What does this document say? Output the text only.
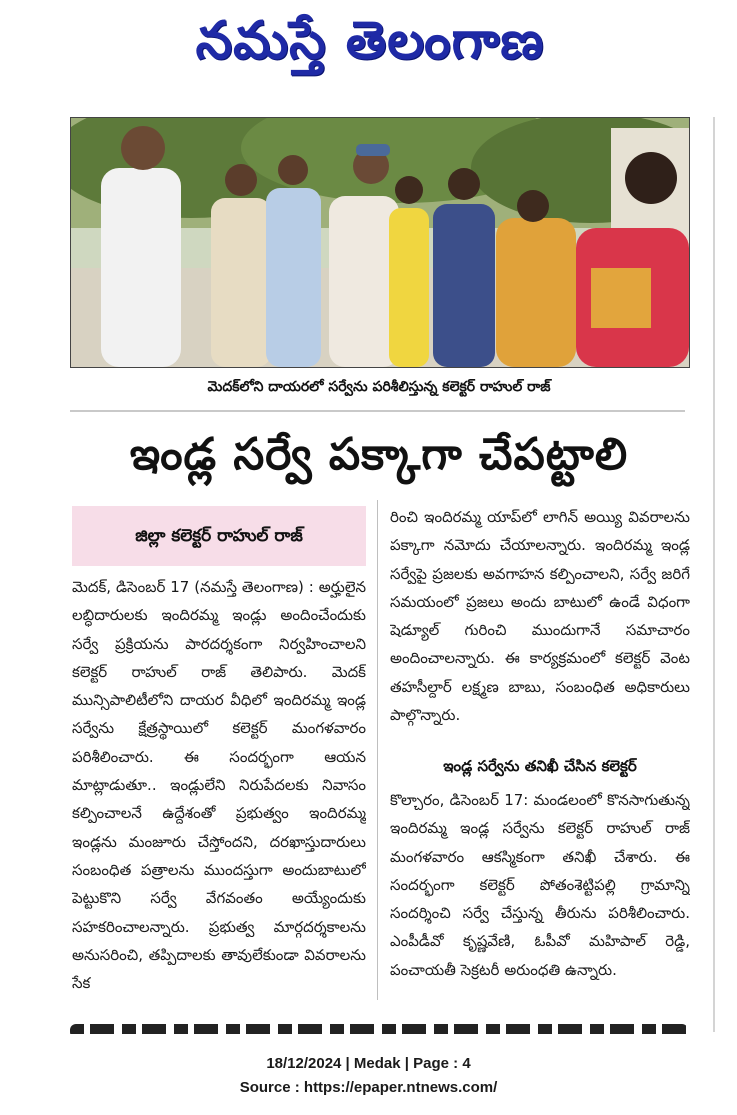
నమస్తే తెలంగాణ
మెదక్‌లోని దాయరలో సర్వేను పరిశీలిస్తున్న కలెక్టర్ రాహుల్ రాజ్
ఇండ్ల సర్వే పక్కాగా చేపట్టాలి
జిల్లా కలెక్టర్ రాహుల్ రాజ్
మెదక్, డిసెంబర్ 17 (నమస్తే తెలంగాణ) : అర్హులైన లబ్ధిదారులకు ఇందిరమ్మ ఇండ్లు అందించేందుకు సర్వే ప్రక్రియను పారదర్శకంగా నిర్వహించాలని కలెక్టర్ రాహుల్ రాజ్ తెలిపారు. మెదక్ మున్సిపాలిటీలోని దాయర వీధిలో ఇందిరమ్మ ఇండ్ల సర్వేను క్షేత్రస్థాయిలో కలెక్టర్ మంగళవారం పరిశీలించారు. ఈ సందర్భంగా ఆయన మాట్లాడుతూ.. ఇండ్లులేని నిరుపేదలకు నివాసం కల్పించాలనే ఉద్దేశంతో ప్రభుత్వం ఇందిరమ్మ ఇండ్లను మంజూరు చేస్తోందని, దరఖాస్తుదారులు సంబంధిత పత్రాలను ముందస్తుగా అందుబాటులో పెట్టుకొని సర్వే వేగవంతం అయ్యేందుకు సహకరించాలన్నారు. ప్రభుత్వ మార్గదర్శకాలను అనుసరించి, తప్పిదాలకు తావులేకుండా వివరాలను సేక
రించి ఇందిరమ్మ యాప్‌లో లాగిన్ అయ్యి వివరాలను పక్కాగా నమోదు చేయాలన్నారు. ఇందిరమ్మ ఇండ్ల సర్వేపై ప్రజలకు అవగాహన కల్పించాలని, సర్వే జరిగే సమయంలో ప్రజలు అందు బాటులో ఉండే విధంగా షెడ్యూల్ గురించి ముందుగానే సమాచారం అందించాలన్నారు. ఈ కార్యక్రమంలో కలెక్టర్ వెంట తహసీల్దార్ లక్ష్మణ బాబు, సంబంధిత అధికారులు పాల్గొన్నారు.
ఇండ్ల సర్వేను తనిఖీ చేసిన కలెక్టర్
కొల్చారం, డిసెంబర్ 17: మండలంలో కొనసాగుతున్న ఇందిరమ్మ ఇండ్ల సర్వేను కలెక్టర్ రాహుల్ రాజ్ మంగళవారం ఆకస్మికంగా తనిఖీ చేశారు. ఈ సందర్భంగా కలెక్టర్ పోతంశెట్టిపల్లి గ్రామాన్ని సందర్శించి సర్వే చేస్తున్న తీరును పరిశీలించారు. ఎంపీడీవో కృష్ణవేణి, ఓపీవో మహిపాల్ రెడ్డి, పంచాయతీ సెక్రటరీ అరుంధతి ఉన్నారు.
18/12/2024 | Medak | Page : 4
Source : https://epaper.ntnews.com/
